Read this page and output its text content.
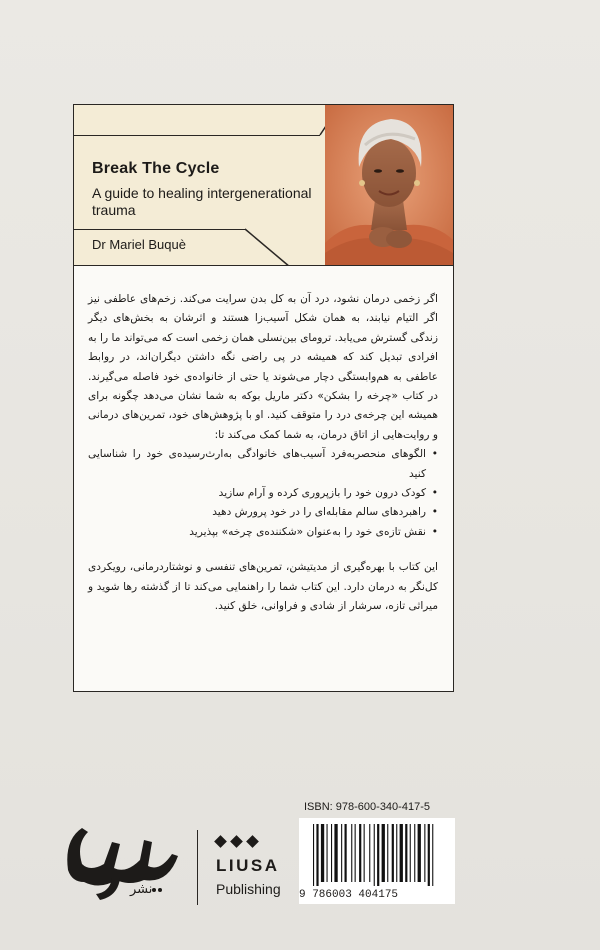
Break The Cycle
A guide to healing intergenerational trauma
Dr Mariel Buquè

اگر زخمی درمان نشود، درد آن به کل بدن سرایت می‌کند. زخم‌های عاطفی نیز اگر التیام نیابند، به همان شکل آسیب‌زا هستند و اثرشان به بخش‌های دیگر زندگی گسترش می‌یابد. ترومای بین‌نسلی همان زخمی است که می‌تواند ما را به افرادی تبدیل کند که همیشه در پی راضی نگه داشتن دیگران‌اند، در روابط عاطفی به هم‌وابستگی دچار می‌شوند یا حتی از خانواده‌ی خود فاصله می‌گیرند. در کتاب «چرخه را بشکن» دکتر ماریل بوکه به شما نشان می‌دهد چگونه برای همیشه این چرخه‌ی درد را متوقف کنید. او با پژوهش‌های خود، تمرین‌های درمانی و روایت‌هایی از اتاق درمان، به شما کمک می‌کند تا:

• الگوهای منحصربه‌فرد آسیب‌های خانوادگی به‌ارث‌رسیده‌ی خود را شناسایی کنید
• کودک درون خود را بازپروری کرده و آرام سازید
• راهبردهای سالم مقابله‌ای را در خود پرورش دهید
• نقش تازه‌ی خود را به‌عنوان «شکننده‌ی چرخه» بپذیرید

این کتاب با بهره‌گیری از مدیتیشن، تمرین‌های تنفسی و نوشتاردرمانی، رویکردی کل‌نگر به درمان دارد. این کتاب شما را راهنمایی می‌کند تا از گذشته رها شوید و میراثی تازه، سرشار از شادی و فراوانی، خلق کنید.

نشر
LIUSA
Publishing
ISBN: 978-600-340-417-5
9 786003 404175
